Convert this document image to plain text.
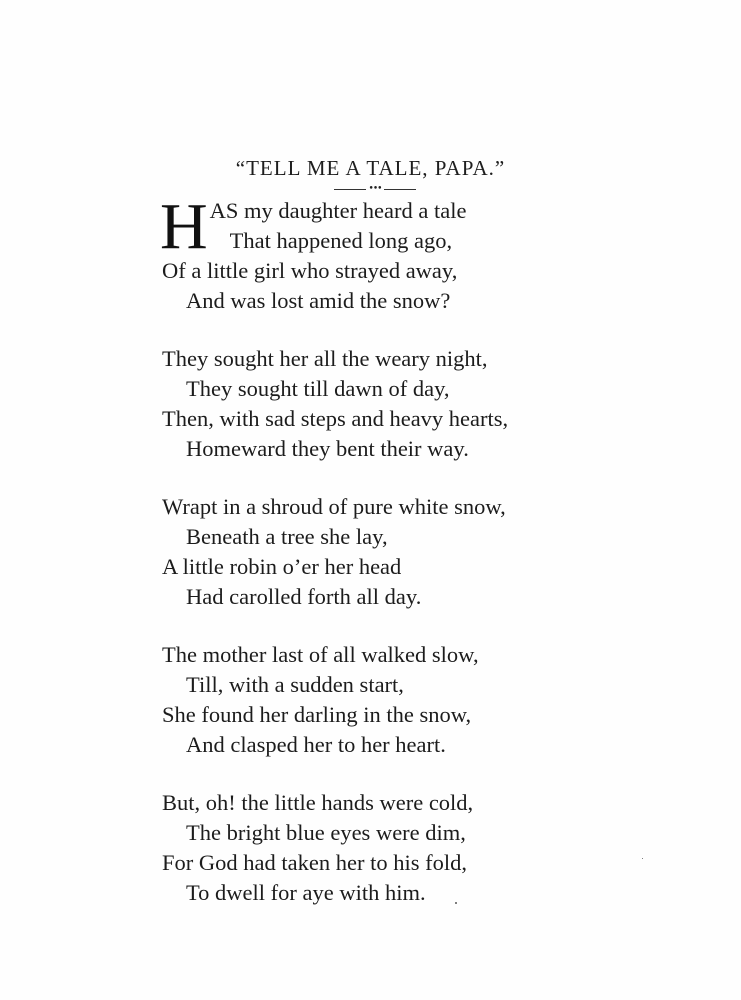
“TELL ME A TALE, PAPA.”
•••
H AS my daughter heard a tale
That happened long ago,
Of a little girl who strayed away,
And was lost amid the snow?
They sought her all the weary night,
They sought till dawn of day,
Then, with sad steps and heavy hearts,
Homeward they bent their way.
Wrapt in a shroud of pure white snow,
Beneath a tree she lay,
A little robin o’er her head
Had carolled forth all day.
The mother last of all walked slow,
Till, with a sudden start,
She found her darling in the snow,
And clasped her to her heart.
But, oh! the little hands were cold,
The bright blue eyes were dim,
For God had taken her to his fold,
To dwell for aye with him.
